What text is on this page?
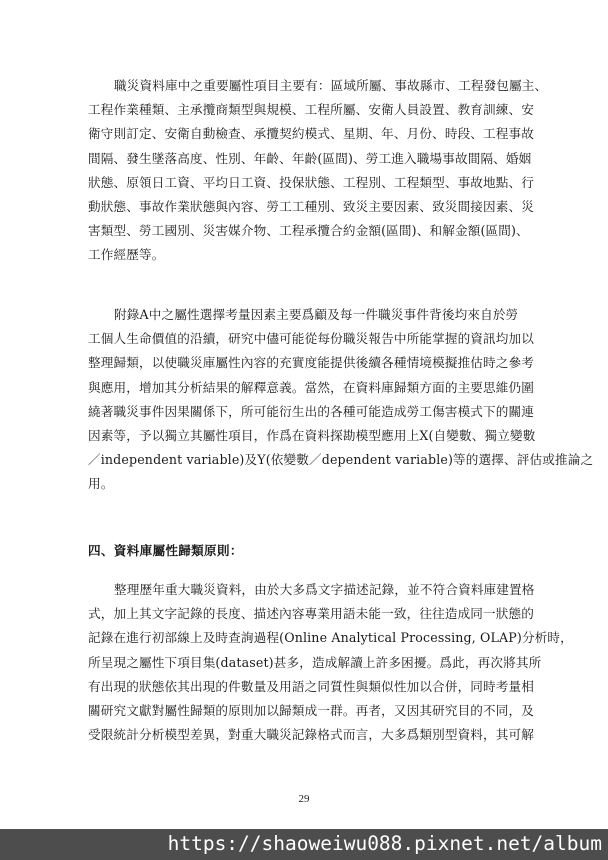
職災資料庫中之重要屬性項目主要有：區域所屬、事故縣市、工程發包屬主、
工程作業種類、主承攬商類型與規模、工程所屬、安衛人員設置、教育訓練、安
衛守則訂定、安衛自動檢查、承攬契約模式、星期、年、月份、時段、工程事故
間隔、發生墜落高度、性別、年齡、年齡(區間)、勞工進入職場事故間隔、婚姻
狀態、原領日工資、平均日工資、投保狀態、工程別、工程類型、事故地點、行
動狀態、事故作業狀態與內容、勞工工種別、致災主要因素、致災間接因素、災
害類型、勞工國別、災害媒介物、工程承攬合約金額(區間)、和解金額(區間)、
工作經歷等。
附錄A中之屬性選擇考量因素主要爲顧及每一件職災事件背後均來自於勞
工個人生命價值的沿續，研究中儘可能從每份職災報告中所能掌握的資訊均加以
整理歸類，以使職災庫屬性內容的充實度能提供後續各種情境模擬推估時之參考
與應用，增加其分析結果的解釋意義。當然，在資料庫歸類方面的主要思維仍圍
繞著職災事件因果關係下，所可能衍生出的各種可能造成勞工傷害模式下的關連
因素等，予以獨立其屬性項目，作爲在資料探勘模型應用上X(自變數、獨立變數
／independent variable)及Y(依變數／dependent variable)等的選擇、評估或推論之
用。
四、資料庫屬性歸類原則：
整理歷年重大職災資料，由於大多爲文字描述記錄，並不符合資料庫建置格
式，加上其文字記錄的長度、描述內容專業用語未能一致，往往造成同一狀態的
記錄在進行初部線上及時查詢過程(Online Analytical Processing, OLAP)分析時，
所呈現之屬性下項目集(dataset)甚多，造成解讀上許多困擾。爲此，再次將其所
有出現的狀態依其出現的件數量及用語之同質性與類似性加以合併，同時考量相
關研究文獻對屬性歸類的原則加以歸類成一群。再者，又因其研究目的不同，及
受限統計分析模型差異，對重大職災記錄格式而言，大多爲類別型資料，其可解
29
https://shaoweiwu088.pixnet.net/album
